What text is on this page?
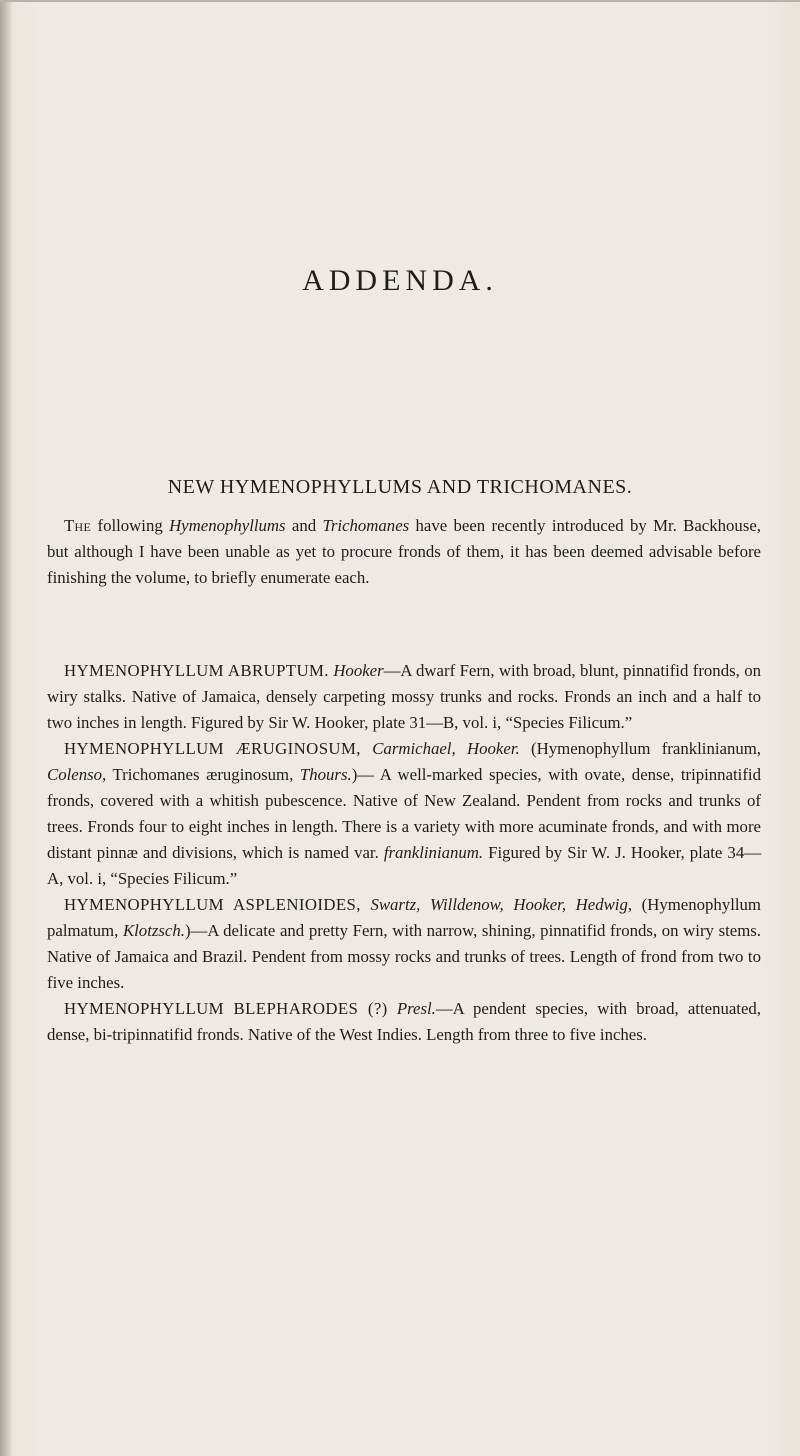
ADDENDA.
NEW HYMENOPHYLLUMS AND TRICHOMANES.

The following Hymenophyllums and Trichomanes have been recently introduced by Mr. Backhouse, but although I have been unable as yet to procure fronds of them, it has been deemed advisable before finishing the volume, to briefly enumerate each.

HYMENOPHYLLUM ABRUPTUM. Hooker—A dwarf Fern, with broad, blunt, pinnatifid fronds, on wiry stalks. Native of Jamaica, densely carpeting mossy trunks and rocks. Fronds an inch and a half to two inches in length. Figured by Sir W. Hooker, plate 31—B, vol. i, “Species Filicum.”

HYMENOPHYLLUM ÆRUGINOSUM, Carmichael, Hooker. (Hymenophyllum franklinianum, Colenso, Trichomanes æruginosum, Thours.)— A well-marked species, with ovate, dense, tripinnatifid fronds, covered with a whitish pubescence. Native of New Zealand. Pendent from rocks and trunks of trees. Fronds four to eight inches in length. There is a variety with more acuminate fronds, and with more distant pinnæ and divisions, which is named var. franklinianum. Figured by Sir W. J. Hooker, plate 34—A, vol. i, “Species Filicum.”

HYMENOPHYLLUM ASPLENIOIDES, Swartz, Willdenow, Hooker, Hedwig, (Hymenophyllum palmatum, Klotzsch.)—A delicate and pretty Fern, with narrow, shining, pinnatifid fronds, on wiry stems. Native of Jamaica and Brazil. Pendent from mossy rocks and trunks of trees. Length of frond from two to five inches.

HYMENOPHYLLUM BLEPHARODES (?) Presl.—A pendent species, with broad, attenuated, dense, bi-tripinnatifid fronds. Native of the West Indies. Length from three to five inches.
